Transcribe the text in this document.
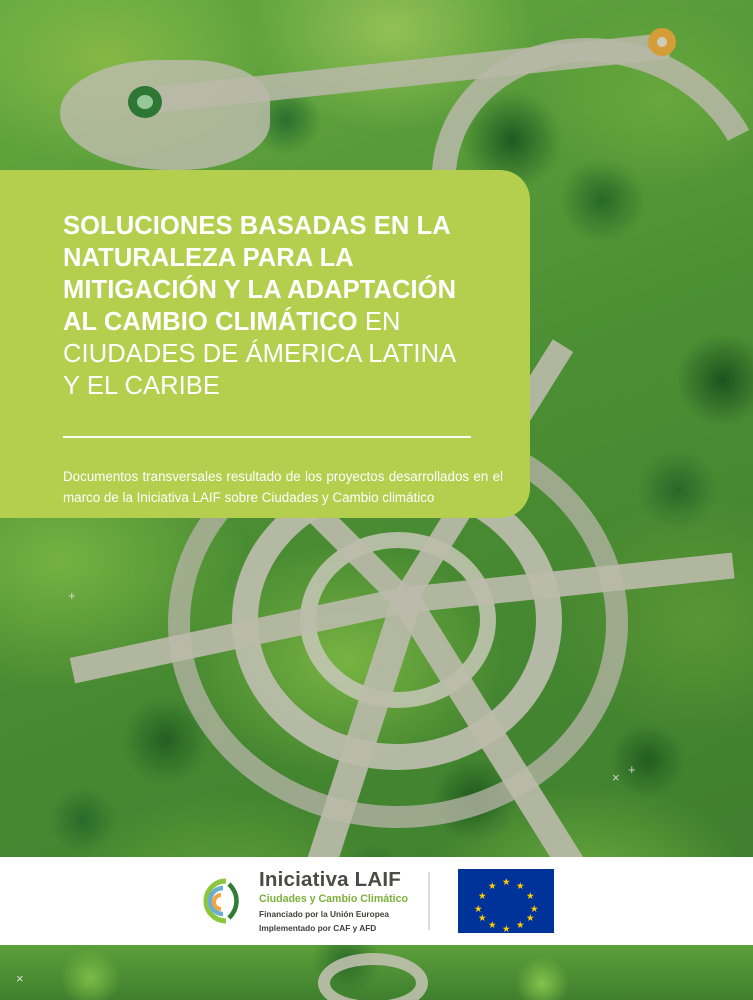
+
+
×
SOLUCIONES BASADAS EN LA NATURALEZA PARA LA MITIGACIÓN Y LA ADAPTACIÓN AL CAMBIO CLIMÁTICO EN CIUDADES DE ÁMERICA LATINA Y EL CARIBE

Documentos transversales resultado de los proyectos desarrollados en el marco de la Iniciativa LAIF sobre Ciudades y Cambio climático

Iniciativa LAIF
Ciudades y Cambio Climático
Financiado por la Unión Europea
Implementado por CAF y AFD
★ ★
★
★
★
★
★
★
★
★
★
★
×
